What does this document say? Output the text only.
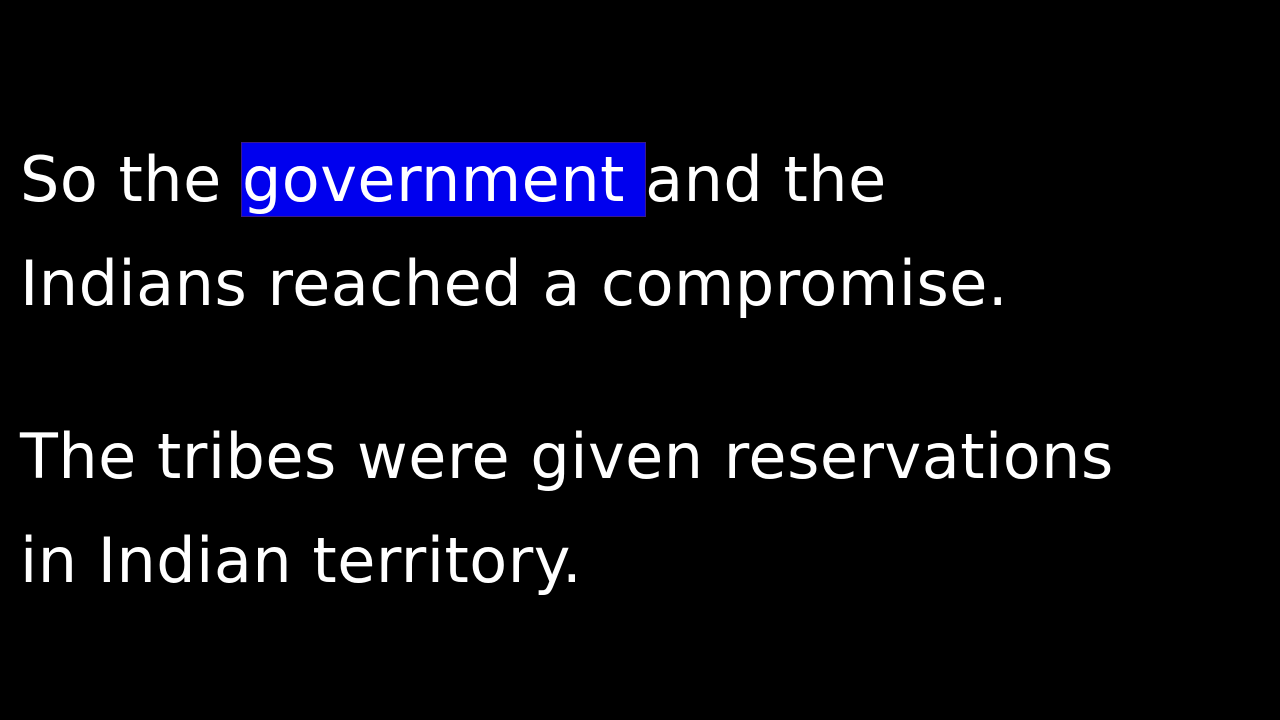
So the government and the
Indians reached a compromise.
The tribes were given reservations
in Indian territory.
